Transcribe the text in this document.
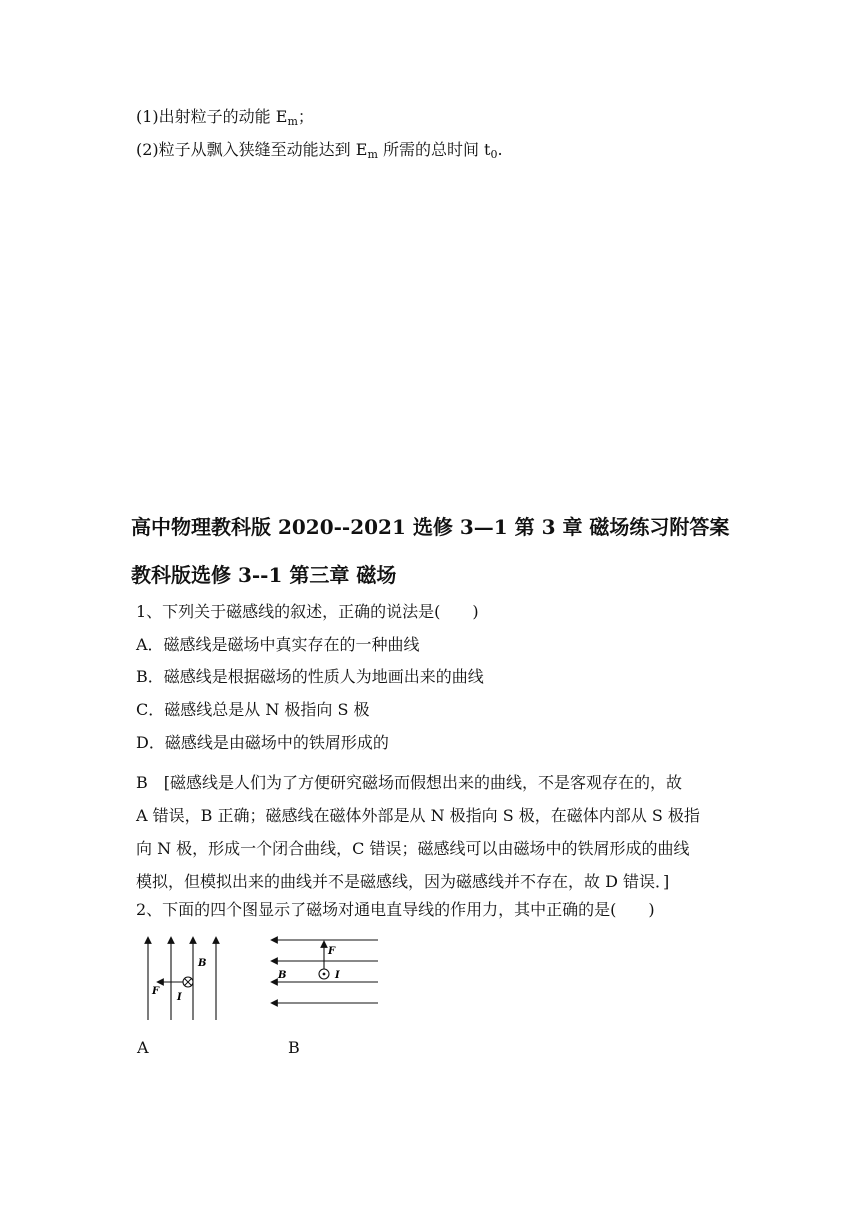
(1)出射粒子的动能 $E_m$；
(2)粒子从飘入狭缝至动能达到 $E_m$ 所需的总时间 $t_0$.
高中物理教科版 2020--2021 选修 3—1 第 3 章 磁场练习附答案
教科版选修 3--1 第三章 磁场
1、下列关于磁感线的叙述，正确的说法是(　　)
A．磁感线是磁场中真实存在的一种曲线
B．磁感线是根据磁场的性质人为地画出来的曲线
C．磁感线总是从 N 极指向 S 极
D．磁感线是由磁场中的铁屑形成的
B　[磁感线是人们为了方便研究磁场而假想出来的曲线，不是客观存在的，故
A 错误，B 正确；磁感线在磁体外部是从 N 极指向 S 极，在磁体内部从 S 极指
向 N 极，形成一个闭合曲线，C 错误；磁感线可以由磁场中的铁屑形成的曲线
模拟，但模拟出来的曲线并不是磁感线，因为磁感线并不存在，故 D 错误．]
2、下面的四个图显示了磁场对通电直导线的作用力，其中正确的是(　　)
B
F
I
F
B	I
A	B
